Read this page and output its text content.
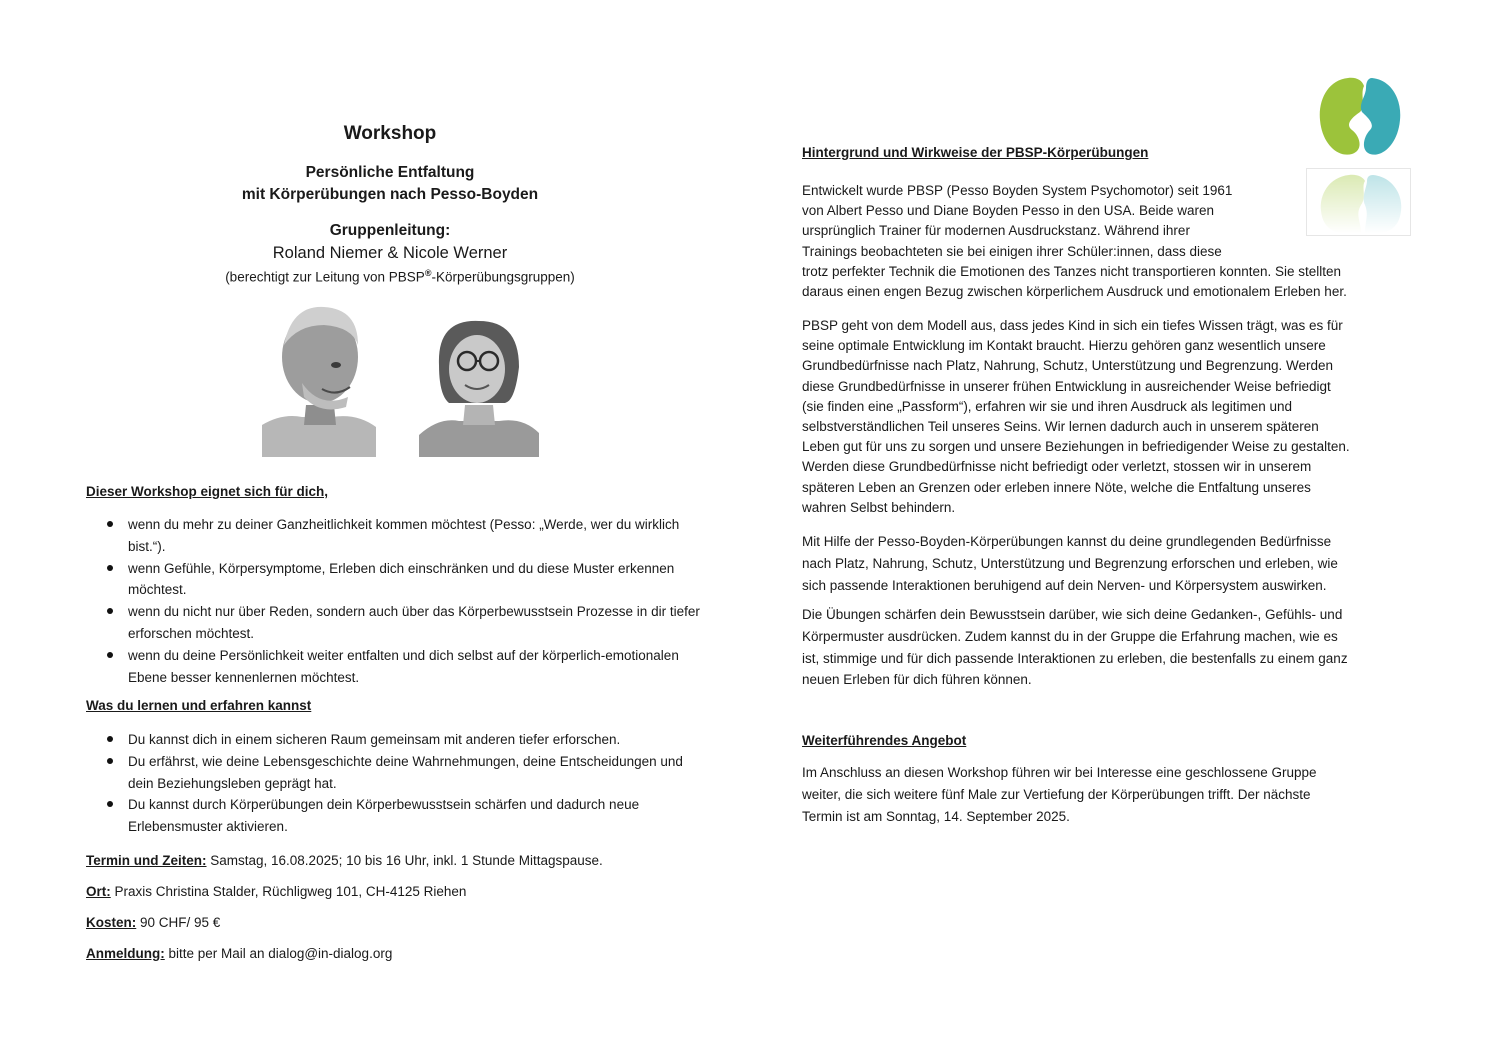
Workshop
Persönliche Entfaltung
mit Körperübungen nach Pesso-Boyden
Gruppenleitung:
Roland Niemer & Nicole Werner
(berechtigt zur Leitung von PBSP®-Körperübungsgruppen)
Dieser Workshop eignet sich für dich,
wenn du mehr zu deiner Ganzheitlichkeit kommen möchtest (Pesso: „Werde, wer du wirklich bist.“).
wenn Gefühle, Körpersymptome, Erleben dich einschränken und du diese Muster erkennen möchtest.
wenn du nicht nur über Reden, sondern auch über das Körperbewusstsein Prozesse in dir tiefer erforschen möchtest.
wenn du deine Persönlichkeit weiter entfalten und dich selbst auf der körperlich-emotionalen Ebene besser kennenlernen möchtest.
Was du lernen und erfahren kannst
Du kannst dich in einem sicheren Raum gemeinsam mit anderen tiefer erforschen.
Du erfährst, wie deine Lebensgeschichte deine Wahrnehmungen, deine Entscheidungen und dein Beziehungsleben geprägt hat.
Du kannst durch Körperübungen dein Körperbewusstsein schärfen und dadurch neue Erlebensmuster aktivieren.
Termin und Zeiten: Samstag, 16.08.2025; 10 bis 16 Uhr, inkl. 1 Stunde Mittagspause.
Ort: Praxis Christina Stalder, Rüchligweg 101, CH-4125 Riehen
Kosten: 90 CHF/ 95 €
Anmeldung: bitte per Mail an dialog@in-dialog.org
Hintergrund und Wirkweise der PBSP-Körperübungen
Entwickelt wurde PBSP (Pesso Boyden System Psychomotor) seit 1961
von Albert Pesso und Diane Boyden Pesso in den USA. Beide waren
ursprünglich Trainer für modernen Ausdruckstanz. Während ihrer
Trainings beobachteten sie bei einigen ihrer Schüler:innen, dass diese
trotz perfekter Technik die Emotionen des Tanzes nicht transportieren konnten. Sie stellten
daraus einen engen Bezug zwischen körperlichem Ausdruck und emotionalem Erleben her.
PBSP geht von dem Modell aus, dass jedes Kind in sich ein tiefes Wissen trägt, was es für
seine optimale Entwicklung im Kontakt braucht. Hierzu gehören ganz wesentlich unsere
Grundbedürfnisse nach Platz, Nahrung, Schutz, Unterstützung und Begrenzung. Werden
diese Grundbedürfnisse in unserer frühen Entwicklung in ausreichender Weise befriedigt
(sie finden eine „Passform“), erfahren wir sie und ihren Ausdruck als legitimen und
selbstverständlichen Teil unseres Seins. Wir lernen dadurch auch in unserem späteren
Leben gut für uns zu sorgen und unsere Beziehungen in befriedigender Weise zu gestalten.
Werden diese Grundbedürfnisse nicht befriedigt oder verletzt, stossen wir in unserem
späteren Leben an Grenzen oder erleben innere Nöte, welche die Entfaltung unseres
wahren Selbst behindern.
Mit Hilfe der Pesso-Boyden-Körperübungen kannst du deine grundlegenden Bedürfnisse
nach Platz, Nahrung, Schutz, Unterstützung und Begrenzung erforschen und erleben, wie
sich passende Interaktionen beruhigend auf dein Nerven- und Körpersystem auswirken.
Die Übungen schärfen dein Bewusstsein darüber, wie sich deine Gedanken-, Gefühls- und
Körpermuster ausdrücken. Zudem kannst du in der Gruppe die Erfahrung machen, wie es
ist, stimmige und für dich passende Interaktionen zu erleben, die bestenfalls zu einem ganz
neuen Erleben für dich führen können.
Weiterführendes Angebot
Im Anschluss an diesen Workshop führen wir bei Interesse eine geschlossene Gruppe
weiter, die sich weitere fünf Male zur Vertiefung der Körperübungen trifft. Der nächste
Termin ist am Sonntag, 14. September 2025.
